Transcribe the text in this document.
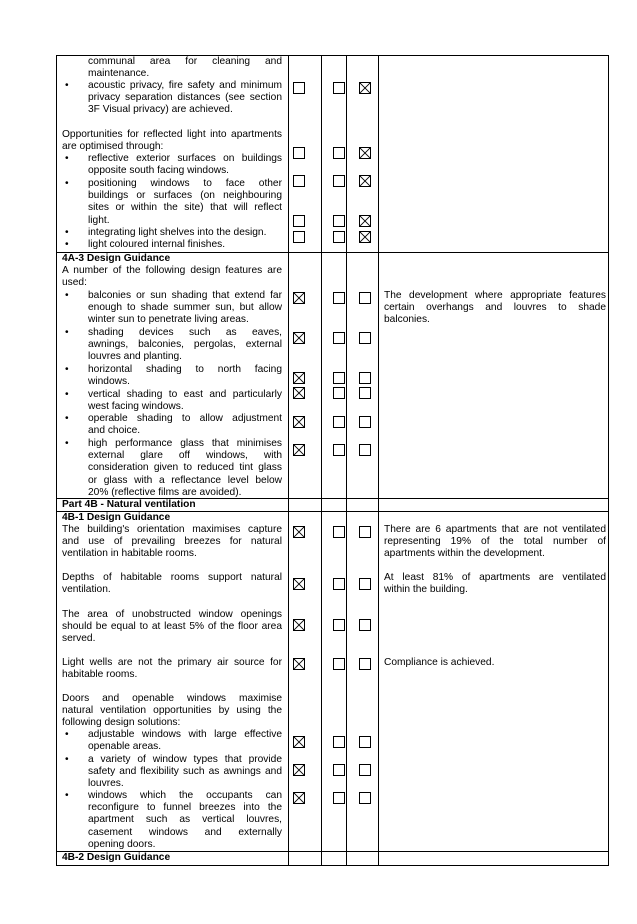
communal area for cleaning and
maintenance.
• acoustic privacy, fire safety and minimum
privacy separation distances (see section
3F Visual privacy) are achieved.
Opportunities for reflected light into apartments
are optimised through:
• reflective exterior surfaces on buildings
opposite south facing windows.
• positioning windows to face other
buildings or surfaces (on neighbouring
sites or within the site) that will reflect
light.
• integrating light shelves into the design.
• light coloured internal finishes.
4A-3 Design Guidance
A number of the following design features are
used:
• balconies or sun shading that extend far
enough to shade summer sun, but allow
winter sun to penetrate living areas.
• shading devices such as eaves,
awnings, balconies, pergolas, external
louvres and planting.
• horizontal shading to north facing
windows.
• vertical shading to east and particularly
west facing windows.
• operable shading to allow adjustment
and choice.
• high performance glass that minimises
external glare off windows, with
consideration given to reduced tint glass
or glass with a reflectance level below
20% (reflective films are avoided).
Part 4B - Natural ventilation
4B-1 Design Guidance
The building's orientation maximises capture
and use of prevailing breezes for natural
ventilation in habitable rooms.
Depths of habitable rooms support natural
ventilation.
The area of unobstructed window openings
should be equal to at least 5% of the floor area
served.
Light wells are not the primary air source for
habitable rooms.
Doors and openable windows maximise
natural ventilation opportunities by using the
following design solutions:
• adjustable windows with large effective
openable areas.
• a variety of window types that provide
safety and flexibility such as awnings and
louvres.
• windows which the occupants can
reconfigure to funnel breezes into the
apartment such as vertical louvres,
casement windows and externally
opening doors.
4B-2 Design Guidance
The development where appropriate features
certain overhangs and louvres to shade
balconies.
There are 6 apartments that are not ventilated
representing 19% of the total number of
apartments within the development.
At least 81% of apartments are ventilated
within the building.
Compliance is achieved.
